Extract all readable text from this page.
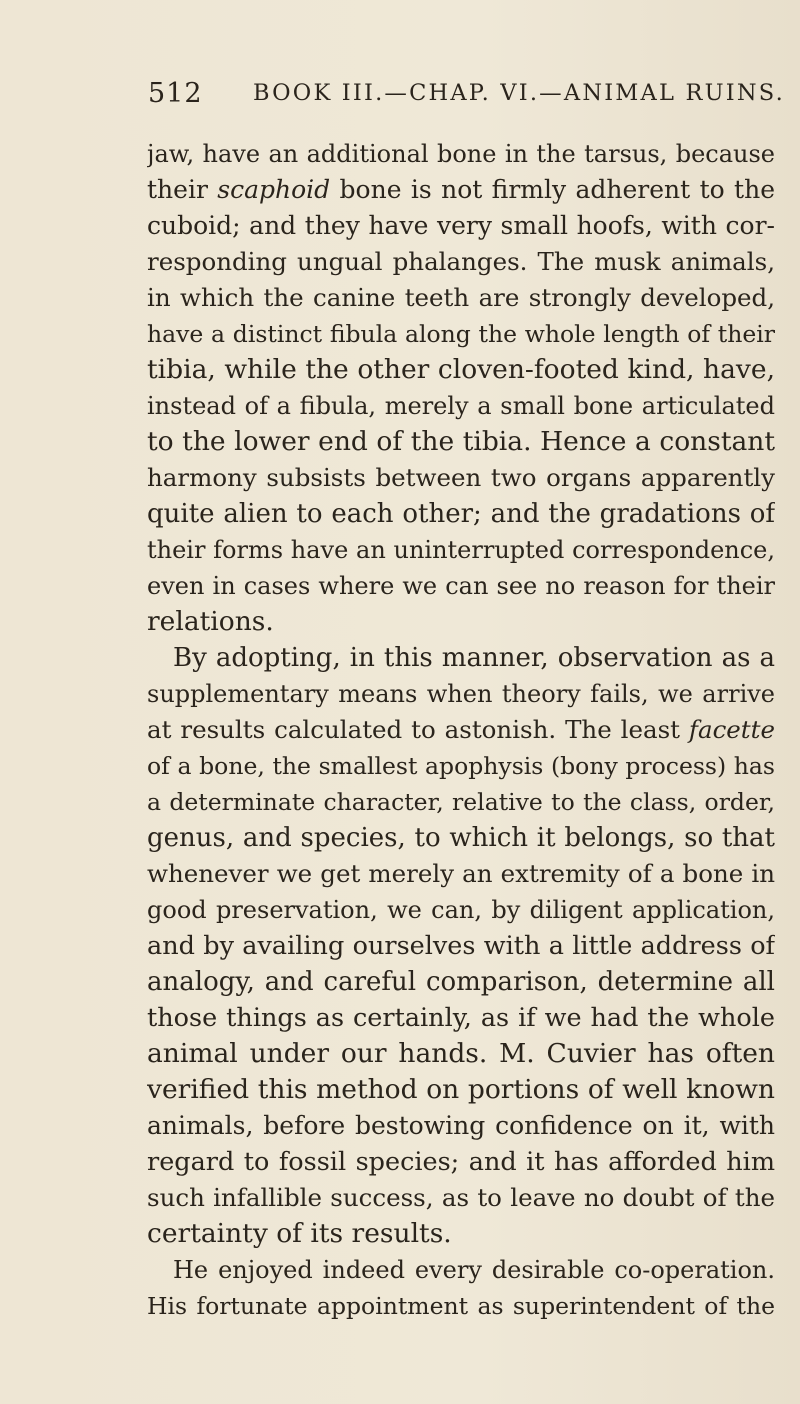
512 BOOK III.—CHAP. VI.—ANIMAL RUINS.
jaw, have an additional bone in the tarsus, because
their scaphoid bone is not firmly adherent to the
cuboid; and they have very small hoofs, with cor-
responding ungual phalanges. The musk animals,
in which the canine teeth are strongly developed,
have a distinct fibula along the whole length of their
tibia, while the other cloven-footed kind, have,
instead of a fibula, merely a small bone articulated
to the lower end of the tibia. Hence a constant
harmony subsists between two organs apparently
quite alien to each other; and the gradations of
their forms have an uninterrupted correspondence,
even in cases where we can see no reason for their
relations.
By adopting, in this manner, observation as a
supplementary means when theory fails, we arrive
at results calculated to astonish. The least facette
of a bone, the smallest apophysis (bony process) has
a determinate character, relative to the class, order,
genus, and species, to which it belongs, so that
whenever we get merely an extremity of a bone in
good preservation, we can, by diligent application,
and by availing ourselves with a little address of
analogy, and careful comparison, determine all
those things as certainly, as if we had the whole
animal under our hands. M. Cuvier has often
verified this method on portions of well known
animals, before bestowing confidence on it, with
regard to fossil species; and it has afforded him
such infallible success, as to leave no doubt of the
certainty of its results.
He enjoyed indeed every desirable co-operation.
His fortunate appointment as superintendent of the
